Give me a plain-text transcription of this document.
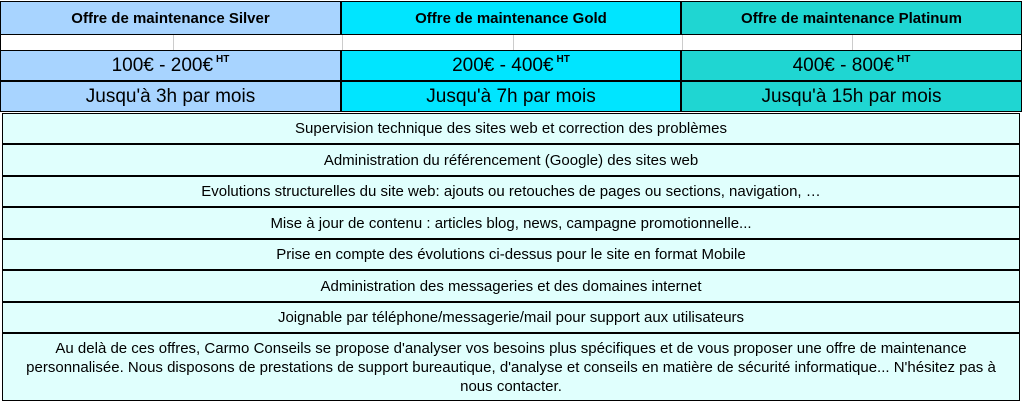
Offre de maintenance Silver	Offre de maintenance Gold	Offre de maintenance Platinum
100€ - 200€ $^{HT}$	200€ - 400€ $^{HT}$	400€ - 800€ $^{HT}$
Jusqu'à 3h par mois	Jusqu'à 7h par mois	Jusqu'à 15h par mois
Supervision technique des sites web et correction des problèmes
Administration du référencement (Google) des sites web
Evolutions structurelles du site web: ajouts ou retouches de pages ou sections, navigation, …
Mise à jour de contenu : articles blog, news, campagne promotionnelle...
Prise en compte des évolutions ci-dessus pour le site en format Mobile
Administration des messageries et des domaines internet
Joignable par téléphone/messagerie/mail pour support aux utilisateurs
Au delà de ces offres, Carmo Conseils se propose d'analyser vos besoins plus spécifiques et de vous proposer une offre de maintenance personnalisée. Nous disposons de prestations de support bureautique, d'analyse et conseils en matière de sécurité informatique... N'hésitez pas à nous contacter.
